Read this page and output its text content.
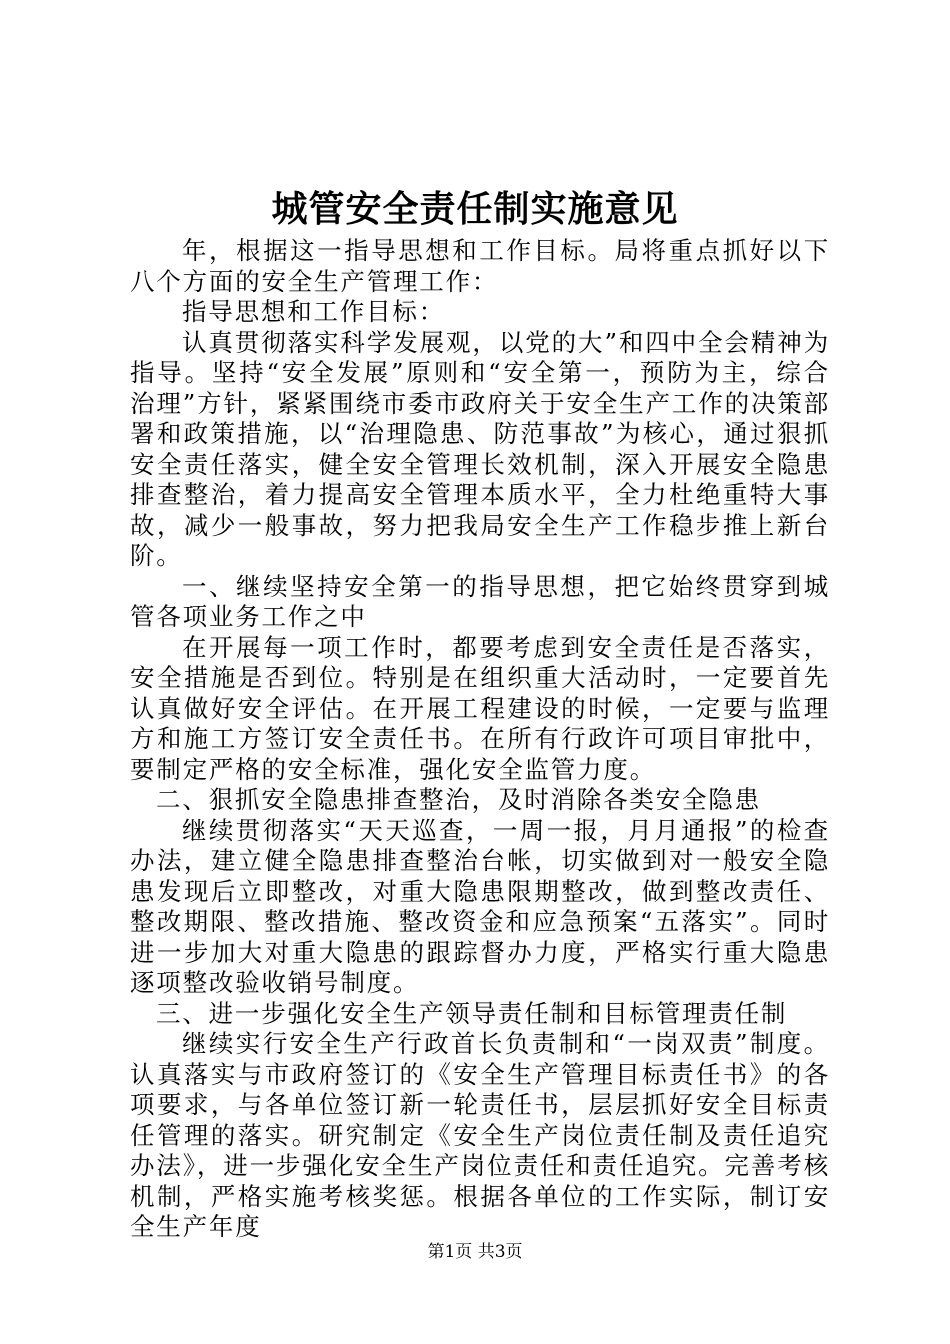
城管安全责任制实施意见

年，根据这一指导思想和工作目标。局将重点抓好以下八个方面的安全生产管理工作：

指导思想和工作目标：

认真贯彻落实科学发展观，以党的大”和四中全会精神为指导。坚持“安全发展”原则和“安全第一，预防为主，综合治理”方针，紧紧围绕市委市政府关于安全生产工作的决策部署和政策措施，以“治理隐患、防范事故”为核心，通过狠抓安全责任落实，健全安全管理长效机制，深入开展安全隐患排查整治，着力提高安全管理本质水平，全力杜绝重特大事故，减少一般事故，努力把我局安全生产工作稳步推上新台阶。

一、继续坚持安全第一的指导思想，把它始终贯穿到城管各项业务工作之中

在开展每一项工作时，都要考虑到安全责任是否落实，安全措施是否到位。特别是在组织重大活动时，一定要首先认真做好安全评估。在开展工程建设的时候，一定要与监理方和施工方签订安全责任书。在所有行政许可项目审批中，要制定严格的安全标准，强化安全监管力度。

二、狠抓安全隐患排查整治，及时消除各类安全隐患

继续贯彻落实“天天巡查，一周一报，月月通报”的检查办法，建立健全隐患排查整治台帐，切实做到对一般安全隐患发现后立即整改，对重大隐患限期整改，做到整改责任、整改期限、整改措施、整改资金和应急预案“五落实”。同时进一步加大对重大隐患的跟踪督办力度，严格实行重大隐患逐项整改验收销号制度。

三、进一步强化安全生产领导责任制和目标管理责任制

继续实行安全生产行政首长负责制和“一岗双责”制度。认真落实与市政府签订的《安全生产管理目标责任书》的各项要求，与各单位签订新一轮责任书，层层抓好安全目标责任管理的落实。研究制定《安全生产岗位责任制及责任追究办法》，进一步强化安全生产岗位责任和责任追究。完善考核机制，严格实施考核奖惩。根据各单位的工作实际，制订安全生产年度

第1页 共3页
